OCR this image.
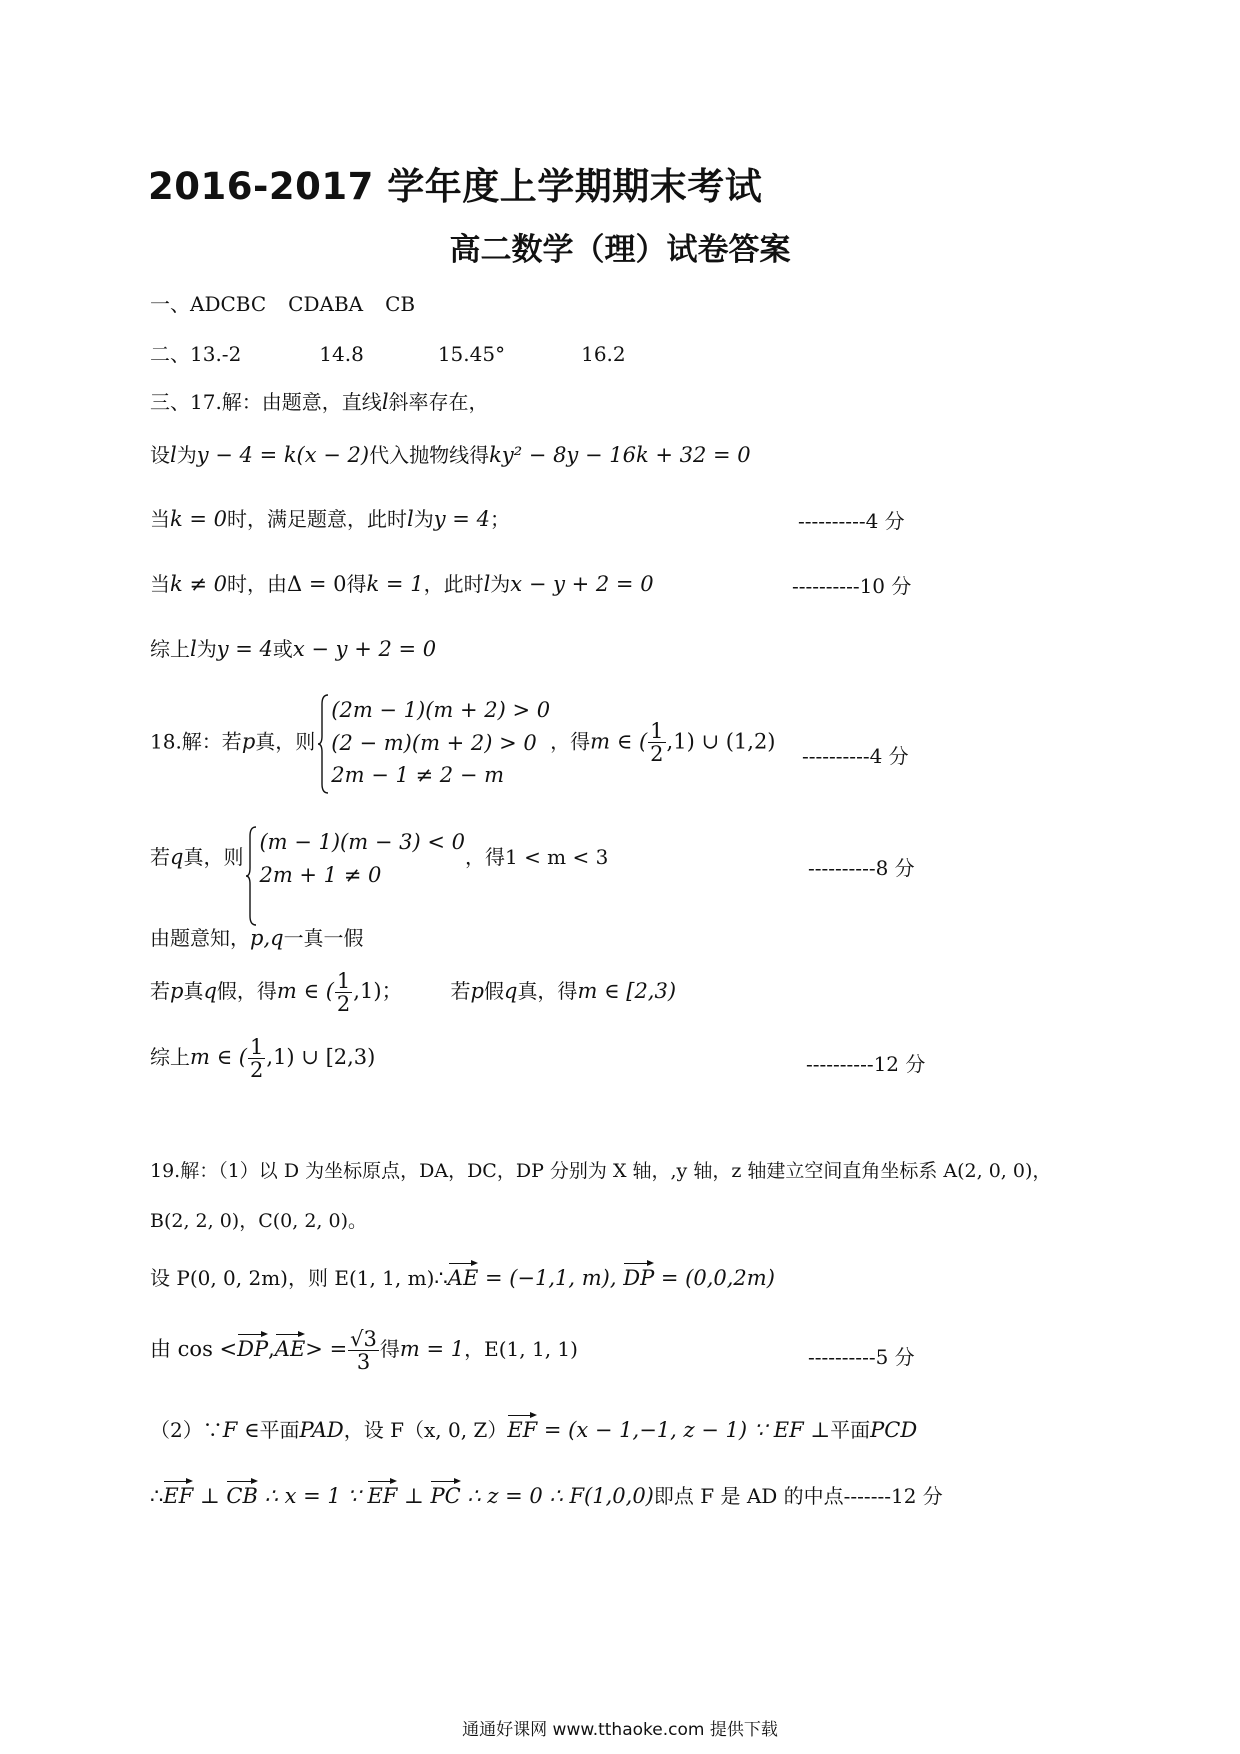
2016-2017 学年度上学期期末考试
高二数学（理）试卷答案
一、ADCBC CDABA CB
二、13.-2	14.8	15.45°	16.2
三、17.解：由题意，直线l斜率存在，
设l为y − 4 = k(x − 2)代入抛物线得ky² − 8y − 16k + 32 = 0
当k = 0时，满足题意，此时l为y = 4；	----------4 分
当k ≠ 0时，由Δ = 0得k = 1，此时l为x − y + 2 = 0	----------10 分
综上l为y = 4或x − y + 2 = 0
18.解：若p真，则
(2m − 1)(m + 2) > 0
(2 − m)(m + 2) > 0
2m − 1 ≠ 2 − m
，得m ∈ ( $\frac{1}{2} ,1$) ∪ (1,2)
----------4 分
若q真，则
(m − 1)(m − 3) < 0
2m + 1 ≠ 0
，得1 < m < 3	----------8 分
由题意知，p,q一真一假
若p真q假，得m ∈ ( $\frac{1}{2} ,1$)； 若p假q真，得m ∈ [2,3)
综上m ∈ ( $\frac{1}{2} ,1$) ∪ [2,3)	----------12 分
19.解：（1）以 D 为坐标原点，DA，DC，DP 分别为 X 轴，,y 轴，z 轴建立空间直角坐标系 A(2, 0, 0)，
B(2, 2, 0)，C(0, 2, 0)。
设 P(0, 0, 2m)，则 E(1, 1, m)∴AE = (−1,1, m), DP = (0,0,2m)
由 $\cos <DP,AE> = \frac{√3}{3}$ 得m = 1，E(1, 1, 1)	----------5 分
（2）∵F ∈平面PAD，设 F（x, 0, Z）EF = (x − 1,−1, z − 1) ∵ EF ⊥平面PCD
∴EF ⊥ CB ∴ x = 1 ∵ EF ⊥ PC ∴ z = 0 ∴ F(1,0,0)即点 F 是 AD 的中点-------12 分
通通好课网 www.tthaoke.com 提供下载
